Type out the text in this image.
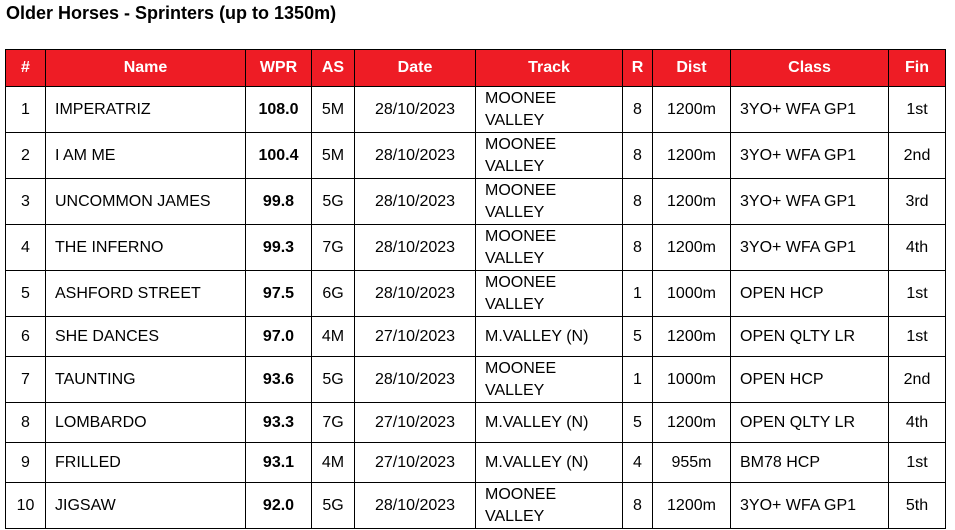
Older Horses - Sprinters (up to 1350m)
#	Name	WPR	AS	Date	Track	R	Dist	Class	Fin
1	IMPERATRIZ	108.0	5M	28/10/2023	MOONEE
VALLEY	8	1200m	3YO+ WFA GP1	1st
2	I AM ME	100.4	5M	28/10/2023	MOONEE
VALLEY	8	1200m	3YO+ WFA GP1	2nd
3	UNCOMMON JAMES	99.8	5G	28/10/2023	MOONEE
VALLEY	8	1200m	3YO+ WFA GP1	3rd
4	THE INFERNO	99.3	7G	28/10/2023	MOONEE
VALLEY	8	1200m	3YO+ WFA GP1	4th
5	ASHFORD STREET	97.5	6G	28/10/2023	MOONEE
VALLEY	1	1000m	OPEN HCP	1st
6	SHE DANCES	97.0	4M	27/10/2023	M.VALLEY (N)	5	1200m	OPEN QLTY LR	1st
7	TAUNTING	93.6	5G	28/10/2023	MOONEE
VALLEY	1	1000m	OPEN HCP	2nd
8	LOMBARDO	93.3	7G	27/10/2023	M.VALLEY (N)	5	1200m	OPEN QLTY LR	4th
9	FRILLED	93.1	4M	27/10/2023	M.VALLEY (N)	4	955m	BM78 HCP	1st
10	JIGSAW	92.0	5G	28/10/2023	MOONEE
VALLEY	8	1200m	3YO+ WFA GP1	5th
